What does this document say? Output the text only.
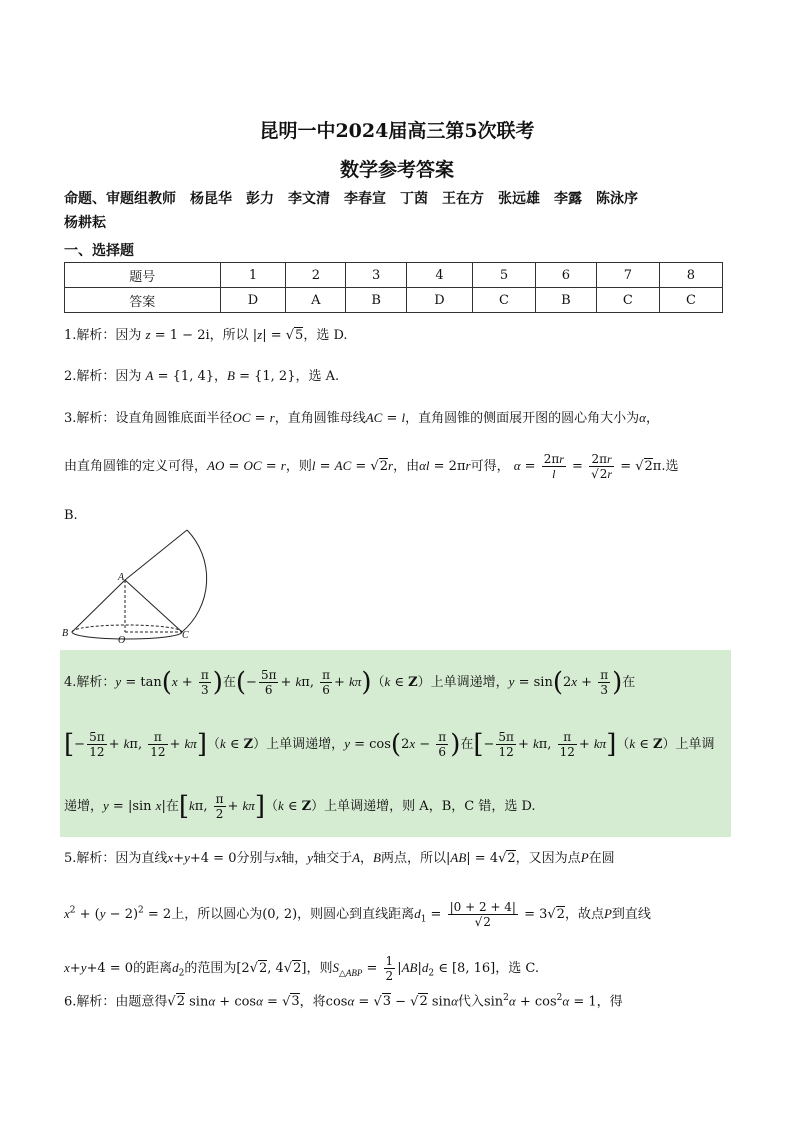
昆明一中2024届高三第5次联考
数学参考答案
命题、审题组教师　杨昆华　彭力　李文清　李春宣　丁茵　王在方　张远雄　李露　陈泳序
杨耕耘
一、选择题
题号	1	2	3	4	5	6	7	8
答案	D	A	B	D	C	B	C	C
1.解析：因为 z = 1 − 2i，所以 |z| = √5，选 D.
2.解析：因为 A = {1, 4}，B = {1, 2}，选 A.
3.解析：设直角圆锥底面半径OC = r，直角圆锥母线AC = l，直角圆锥的侧面展开图的圆心角大小为α，
由直角圆锥的定义可得，AO = OC = r，则l = AC = √2r，由αl = 2πr可得， $\alpha = \frac{2\pi r}{l} = \frac{2\pi r}{√2r} = √2\pi$.选
B.
A
B
O	C
4.解析：$y = \tan(x + \frac{\pi}{3}$ )在(− $\frac{5\pi}{6} + k\pi$, $\frac{\pi}{6} + k\pi)(k$ ∈ Z）上单调递增，$y = \sin(2x + \frac{\pi}{3}$ )在
[− $\frac{5\pi}{12} + k\pi$, $\frac{\pi}{12} + k\pi](k$ ∈ Z）上单调递增，$y = \cos(2x - \frac{\pi}{6}$ )在[− $\frac{5\pi}{12} + k\pi$, $\frac{\pi}{12} + k\pi](k$ ∈ Z）上单调
递增，y = |sin x|在[kπ, $\frac{\pi}{2} + k\pi](k$ ∈ Z）上单调递增，则 A，B，C 错，选 D.
5.解析：因为直线x+y+4 = 0分别与x轴，y轴交于A，B两点，所以|AB| = 4√2，又因为点P在圆
$x^2 + (y - 2)^2 = 2$上，所以圆心为(0, 2)，则圆心到直线距离$d_1 = \frac{|0 + 2 + 4|}{√2} = 3√2$，故点P到直线
x+y+4 = 0的距离$d_2$的范围为[2√2, 4√2]，则$S_{\triangle ABP} = \frac{1}{2} |AB|d_2$ ∈ [8, 16]，选 C.
6.解析：由题意得√2 sinα + cosα = √3，将cosα = √3 − √2 sinα代入$\sin^2\alpha + \cos^2\alpha = 1$，得
